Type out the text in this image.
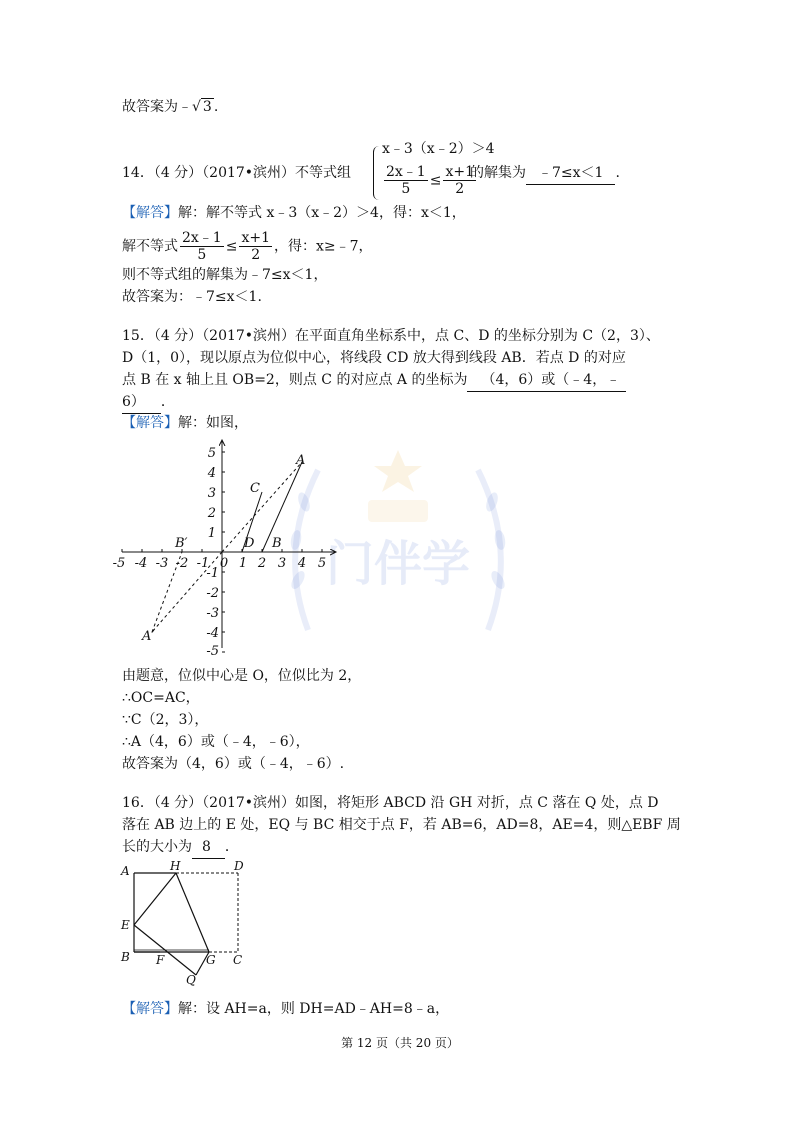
门伴学
故答案为﹣√ 3 .
14．（4 分）（2017•滨州）不等式组
x﹣3（x﹣2）＞4
$\frac{2x﹣1}{5} \le \frac{x+1}{2}$
的解集为 ﹣7≤x＜1 .
【解答】解：解不等式 x﹣3（x﹣2）＞4，得：x＜1，
解不等式 $\frac{2x﹣1}{5} \le \frac{x+1}{2}$ ，得：x≥﹣7，
则不等式组的解集为﹣7≤x＜1，
故答案为：﹣7≤x＜1.
15．（4 分）（2017•滨州）在平面直角坐标系中，点 C、D 的坐标分别为 C（2，3）、
D（1，0），现以原点为位似中心，将线段 CD 放大得到线段 AB．若点 D 的对应
点 B 在 x 轴上且 OB=2，则点 C 的对应点 A 的坐标为 （4，6）或（﹣4，﹣
6） ．
【解答】解：如图，
-5 -4 -3 -2 -1 0 1 2 3 4 5
5
4
3
2
1
-1
-2
-3
-4
-5
A
C
D B
B′
A′
由题意，位似中心是 O，位似比为 2，
∴OC=AC，
∵C（2，3），
∴A（4，6）或（﹣4，﹣6），
故答案为（4，6）或（﹣4，﹣6）.
16．（4 分）（2017•滨州）如图，将矩形 ABCD 沿 GH 对折，点 C 落在 Q 处，点 D
落在 AB 边上的 E 处，EQ 与 BC 相交于点 F，若 AB=6，AD=8，AE=4，则△EBF 周
长的大小为 8 ．
A	H	D
E
B F	G C
Q
【解答】解：设 AH=a，则 DH=AD﹣AH=8﹣a，
第 12 页（共 20 页）
